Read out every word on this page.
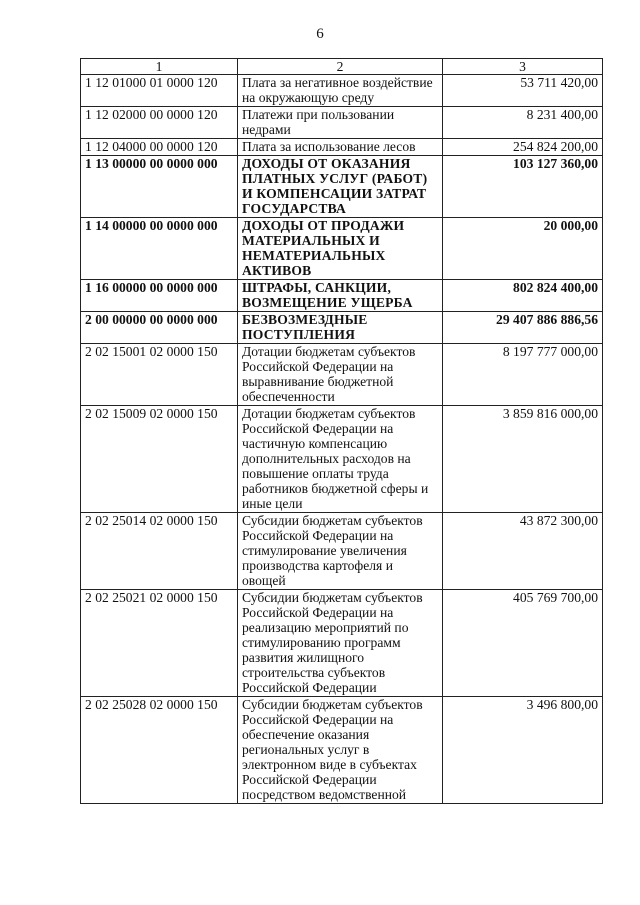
6
1	2	3
1 12 01000 01 0000 120	Плата за негативное воздействие на окружающую среду	53 711 420,00
1 12 02000 00 0000 120	Платежи при пользовании недрами	8 231 400,00
1 12 04000 00 0000 120	Плата за использование лесов	254 824 200,00
1 13 00000 00 0000 000	ДОХОДЫ ОТ ОКАЗАНИЯ ПЛАТНЫХ УСЛУГ (РАБОТ) И КОМПЕНСАЦИИ ЗАТРАТ ГОСУДАРСТВА	103 127 360,00
1 14 00000 00 0000 000	ДОХОДЫ ОТ ПРОДАЖИ МАТЕРИАЛЬНЫХ И НЕМАТЕРИАЛЬНЫХ АКТИВОВ	20 000,00
1 16 00000 00 0000 000	ШТРАФЫ, САНКЦИИ, ВОЗМЕЩЕНИЕ УЩЕРБА	802 824 400,00
2 00 00000 00 0000 000	БЕЗВОЗМЕЗДНЫЕ ПОСТУПЛЕНИЯ	29 407 886 886,56
2 02 15001 02 0000 150	Дотации бюджетам субъектов Российской Федерации на выравнивание бюджетной обеспеченности	8 197 777 000,00
2 02 15009 02 0000 150	Дотации бюджетам субъектов Российской Федерации на частичную компенсацию дополнительных расходов на повышение оплаты труда работников бюджетной сферы и иные цели	3 859 816 000,00
2 02 25014 02 0000 150	Субсидии бюджетам субъектов Российской Федерации на стимулирование увеличения производства картофеля и овощей	43 872 300,00
2 02 25021 02 0000 150	Субсидии бюджетам субъектов Российской Федерации на реализацию мероприятий по стимулированию программ развития жилищного строительства субъектов Российской Федерации	405 769 700,00
2 02 25028 02 0000 150	Субсидии бюджетам субъектов Российской Федерации на обеспечение оказания региональных услуг в электронном виде в субъектах Российской Федерации посредством ведомственной	3 496 800,00
